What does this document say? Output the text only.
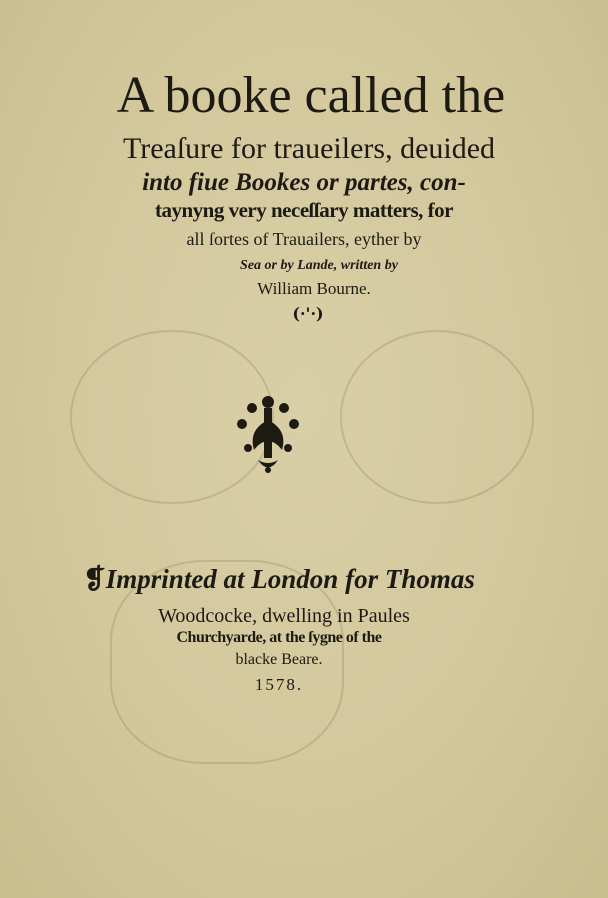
A booke called the
Treaſure for traueilers, deuided
into fiue Bookes or partes, con-
taynyng very neceſſary matters, for
all ſortes of Trauailers, eyther by
Sea or by Lande, written by
William Bourne.
(·'·)
❡Imprinted at London for Thomas
Woodcocke, dwelling in Paules
Churchyarde, at the ſygne of the
blacke Beare.
1578.
